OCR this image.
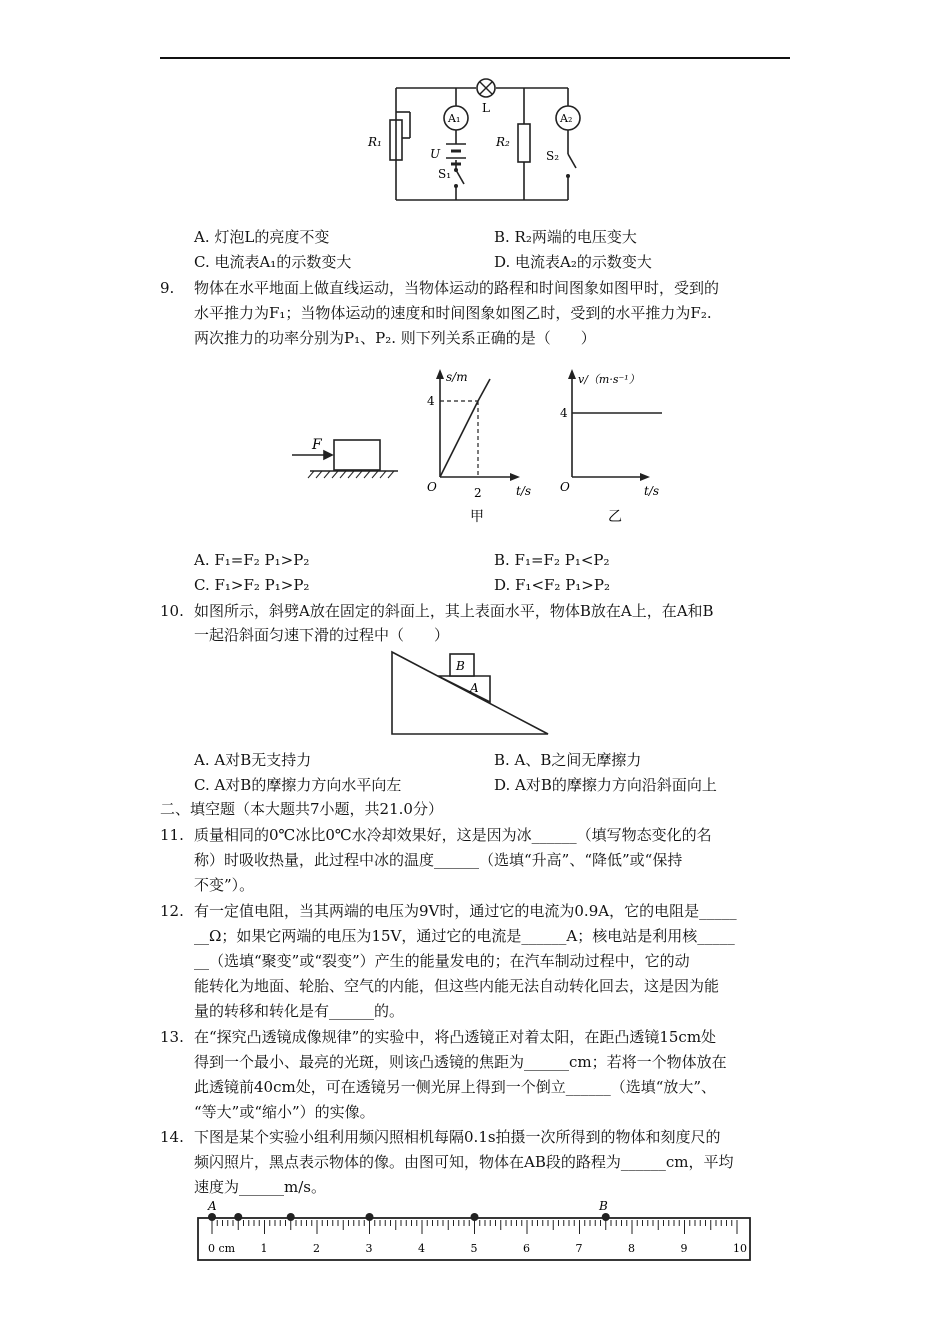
L
A₁	A₂
R₁	R₂
U
S₁
S₂
A. 灯泡L的亮度不变	B. R₂两端的电压变大
C. 电流表A₁的示数变大	D. 电流表A₂的示数变大
9. 物体在水平地面上做直线运动，当物体运动的路程和时间图象如图甲时，受到的
水平推力为F₁；当物体运动的速度和时间图象如图乙时，受到的水平推力为F₂.
两次推力的功率分别为P₁、P₂. 则下列关系正确的是（　　）
F
s/m
4
O	2	t/s
甲
v/（m·s⁻¹）
4
O	t/s
乙
A. F₁=F₂ P₁>P₂	B. F₁=F₂ P₁<P₂
C. F₁>F₂ P₁>P₂	D. F₁<F₂ P₁>P₂
10. 如图所示，斜劈A放在固定的斜面上，其上表面水平，物体B放在A上，在A和B
一起沿斜面匀速下滑的过程中（　　）
A
B
A. A对B无支持力	B. A、B之间无摩擦力
C. A对B的摩擦力方向水平向左	D. A对B的摩擦力方向沿斜面向上
二、填空题（本大题共7小题，共21.0分）
11. 质量相同的0℃冰比0℃水冷却效果好，这是因为冰______（填写物态变化的名
称）时吸收热量，此过程中冰的温度______（选填“升高”、“降低”或“保持
不变”）。
12. 有一定值电阻，当其两端的电压为9V时，通过它的电流为0.9A，它的电阻是_____
__Ω；如果它两端的电压为15V，通过它的电流是______A；核电站是利用核_____
__（选填“聚变”或“裂变”）产生的能量发电的；在汽车制动过程中，它的动
能转化为地面、轮胎、空气的内能，但这些内能无法自动转化回去，这是因为能
量的转移和转化是有______的。
13. 在“探究凸透镜成像规律”的实验中，将凸透镜正对着太阳，在距凸透镜15cm处
得到一个最小、最亮的光斑，则该凸透镜的焦距为______cm；若将一个物体放在
此透镜前40cm处，可在透镜另一侧光屏上得到一个倒立______（选填“放大”、
“等大”或“缩小”）的实像。
14. 下图是某个实验小组利用频闪照相机每隔0.1s拍摄一次所得到的物体和刻度尺的
频闪照片，黑点表示物体的像。由图可知，物体在AB段的路程为______cm，平均
速度为______m/s。
0 cm 1	2	3	4	5	6	7	8	9	10
A	B
